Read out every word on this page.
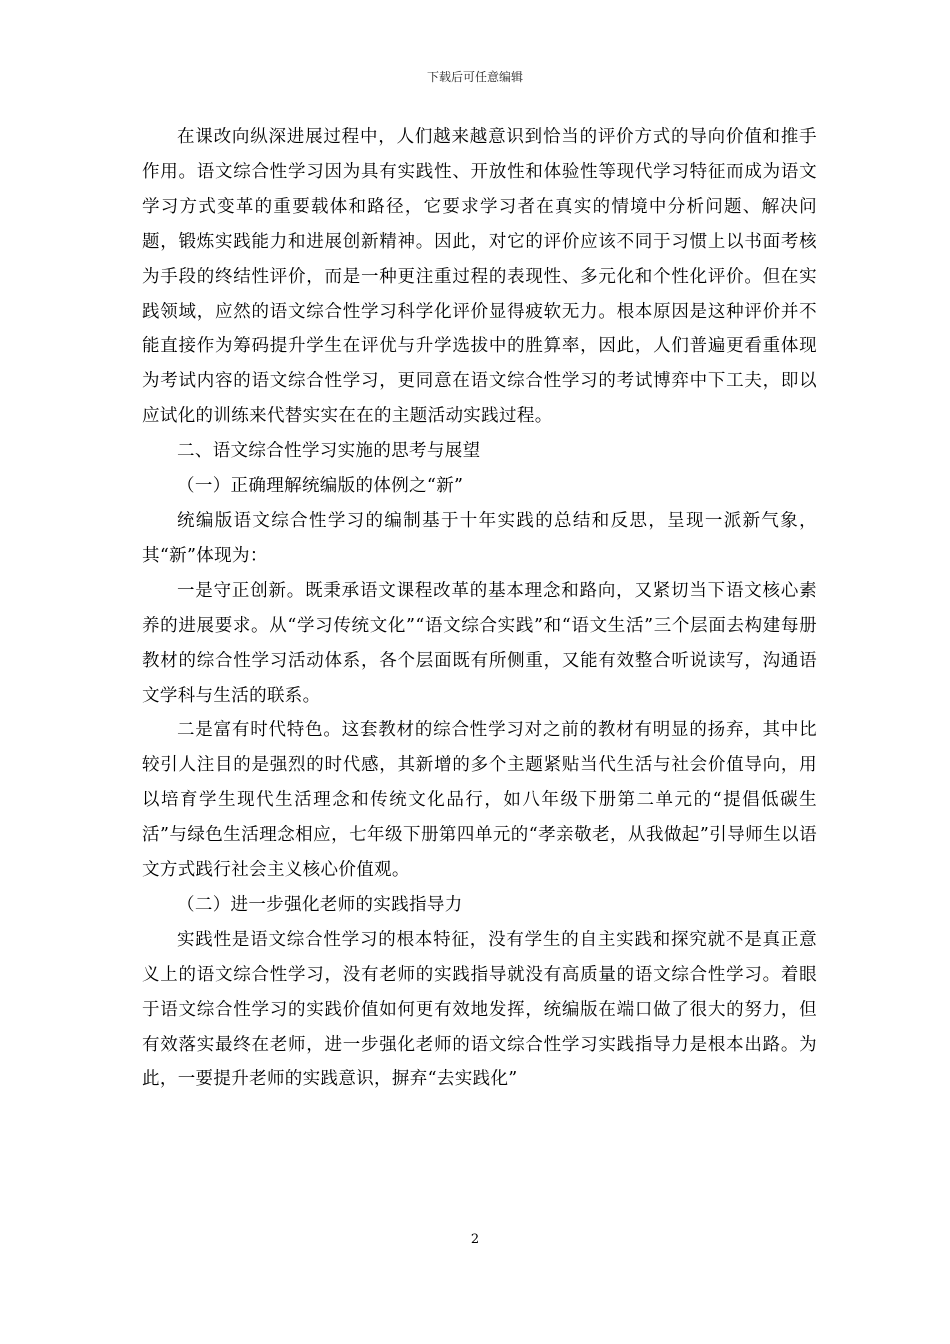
下载后可任意编辑

在课改向纵深进展过程中，人们越来越意识到恰当的评价方式的导向价值和推手作用。语文综合性学习因为具有实践性、开放性和体验性等现代学习特征而成为语文学习方式变革的重要载体和路径，它要求学习者在真实的情境中分析问题、解决问题，锻炼实践能力和进展创新精神。因此，对它的评价应该不同于习惯上以书面考核为手段的终结性评价，而是一种更注重过程的表现性、多元化和个性化评价。但在实践领域，应然的语文综合性学习科学化评价显得疲软无力。根本原因是这种评价并不能直接作为筹码提升学生在评优与升学选拔中的胜算率，因此，人们普遍更看重体现为考试内容的语文综合性学习，更同意在语文综合性学习的考试博弈中下工夫，即以应试化的训练来代替实实在在的主题活动实践过程。

二、语文综合性学习实施的思考与展望

（一）正确理解统编版的体例之“新”

统编版语文综合性学习的编制基于十年实践的总结和反思，呈现一派新气象，其“新”体现为：

一是守正创新。既秉承语文课程改革的基本理念和路向，又紧切当下语文核心素养的进展要求。从“学习传统文化”“语文综合实践”和“语文生活”三个层面去构建每册教材的综合性学习活动体系，各个层面既有所侧重，又能有效整合听说读写，沟通语文学科与生活的联系。

二是富有时代特色。这套教材的综合性学习对之前的教材有明显的扬弃，其中比较引人注目的是强烈的时代感，其新增的多个主题紧贴当代生活与社会价值导向，用以培育学生现代生活理念和传统文化品行，如八年级下册第二单元的“提倡低碳生活”与绿色生活理念相应，七年级下册第四单元的“孝亲敬老，从我做起”引导师生以语文方式践行社会主义核心价值观。

（二）进一步强化老师的实践指导力

实践性是语文综合性学习的根本特征，没有学生的自主实践和探究就不是真正意义上的语文综合性学习，没有老师的实践指导就没有高质量的语文综合性学习。着眼于语文综合性学习的实践价值如何更有效地发挥，统编版在端口做了很大的努力，但有效落实最终在老师，进一步强化老师的语文综合性学习实践指导力是根本出路。为此，一要提升老师的实践意识，摒弃“去实践化”

2
